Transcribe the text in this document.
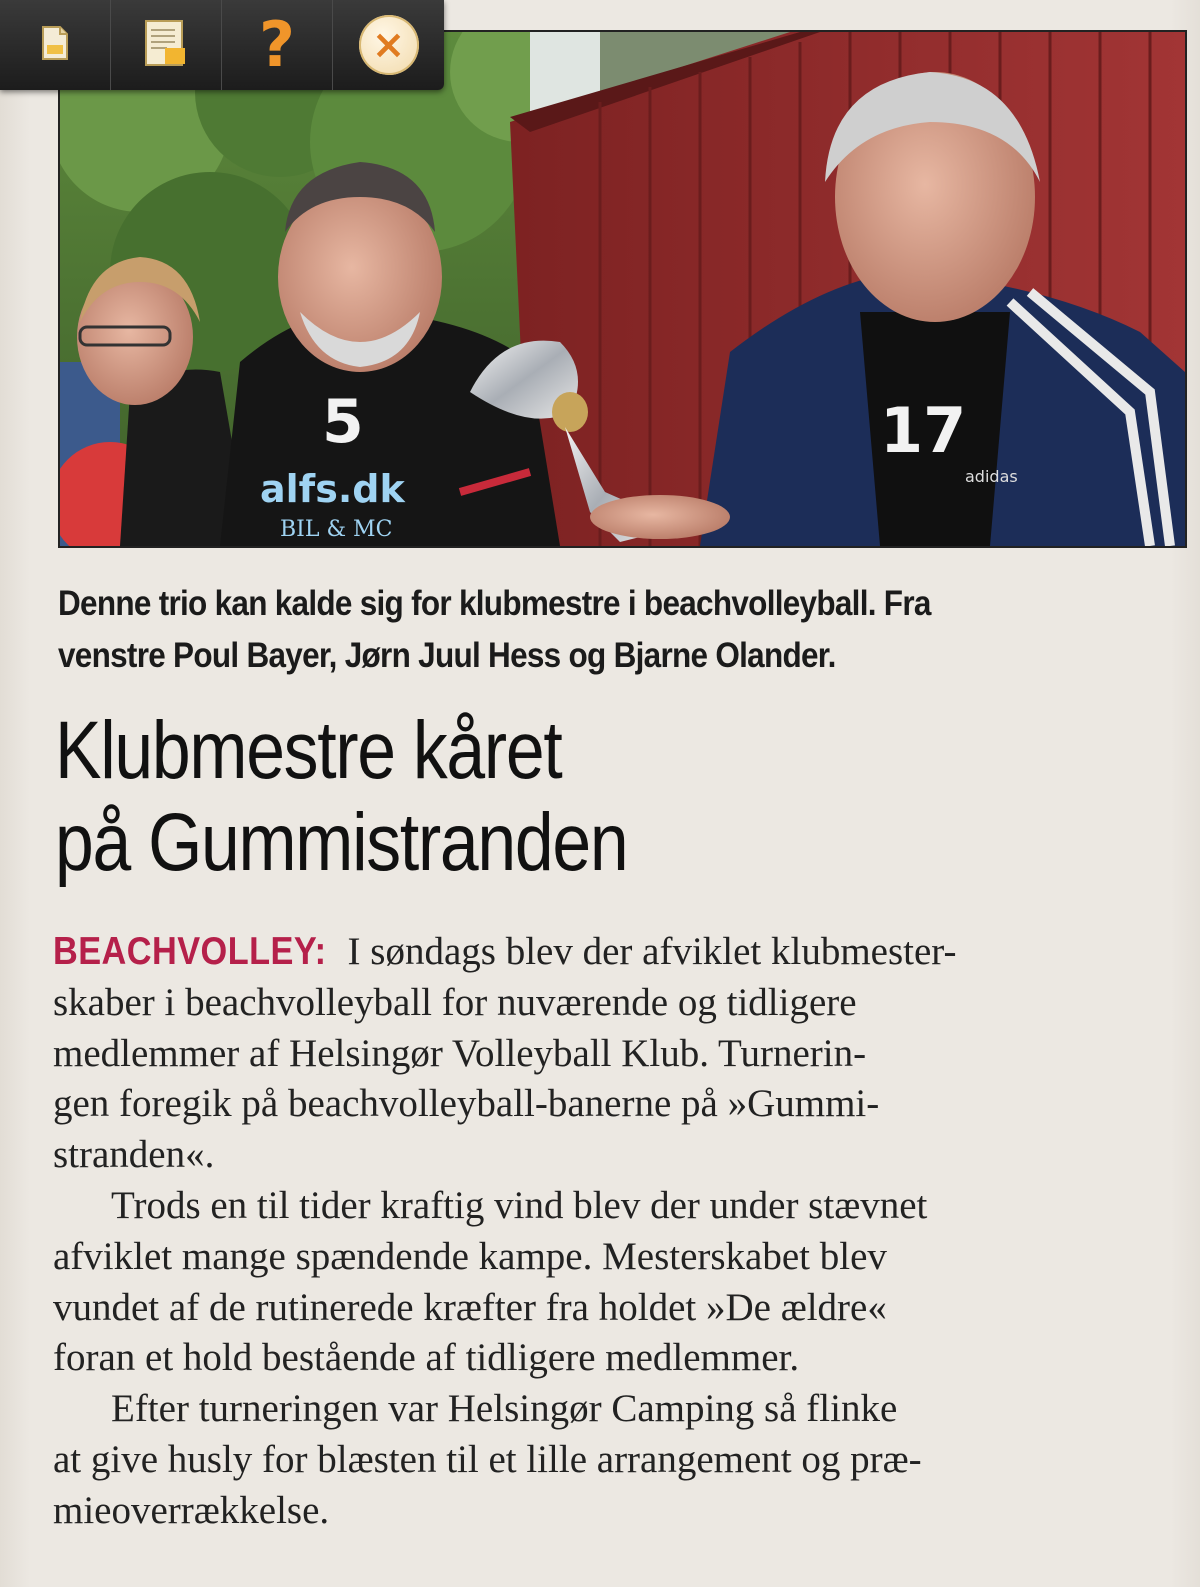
5
alfs.dk
BIL & MC
17
adidas
? ×
Denne trio kan kalde sig for klubmestre i beachvolleyball. Fra
venstre Poul Bayer, Jørn Juul Hess og Bjarne Olander.
Klubmestre kåret
på Gummistranden
BEACHVOLLEY: I søndags blev der afviklet klubmester-
skaber i beachvolleyball for nuværende og tidligere
medlemmer af Helsingør Volleyball Klub. Turnerin-
gen foregik på beachvolleyball-banerne på »Gummi-
stranden«.
Trods en til tider kraftig vind blev der under stævnet
afviklet mange spændende kampe. Mesterskabet blev
vundet af de rutinerede kræfter fra holdet »De ældre«
foran et hold bestående af tidligere medlemmer.
Efter turneringen var Helsingør Camping så flinke
at give husly for blæsten til et lille arrangement og præ-
mieoverrækkelse.
